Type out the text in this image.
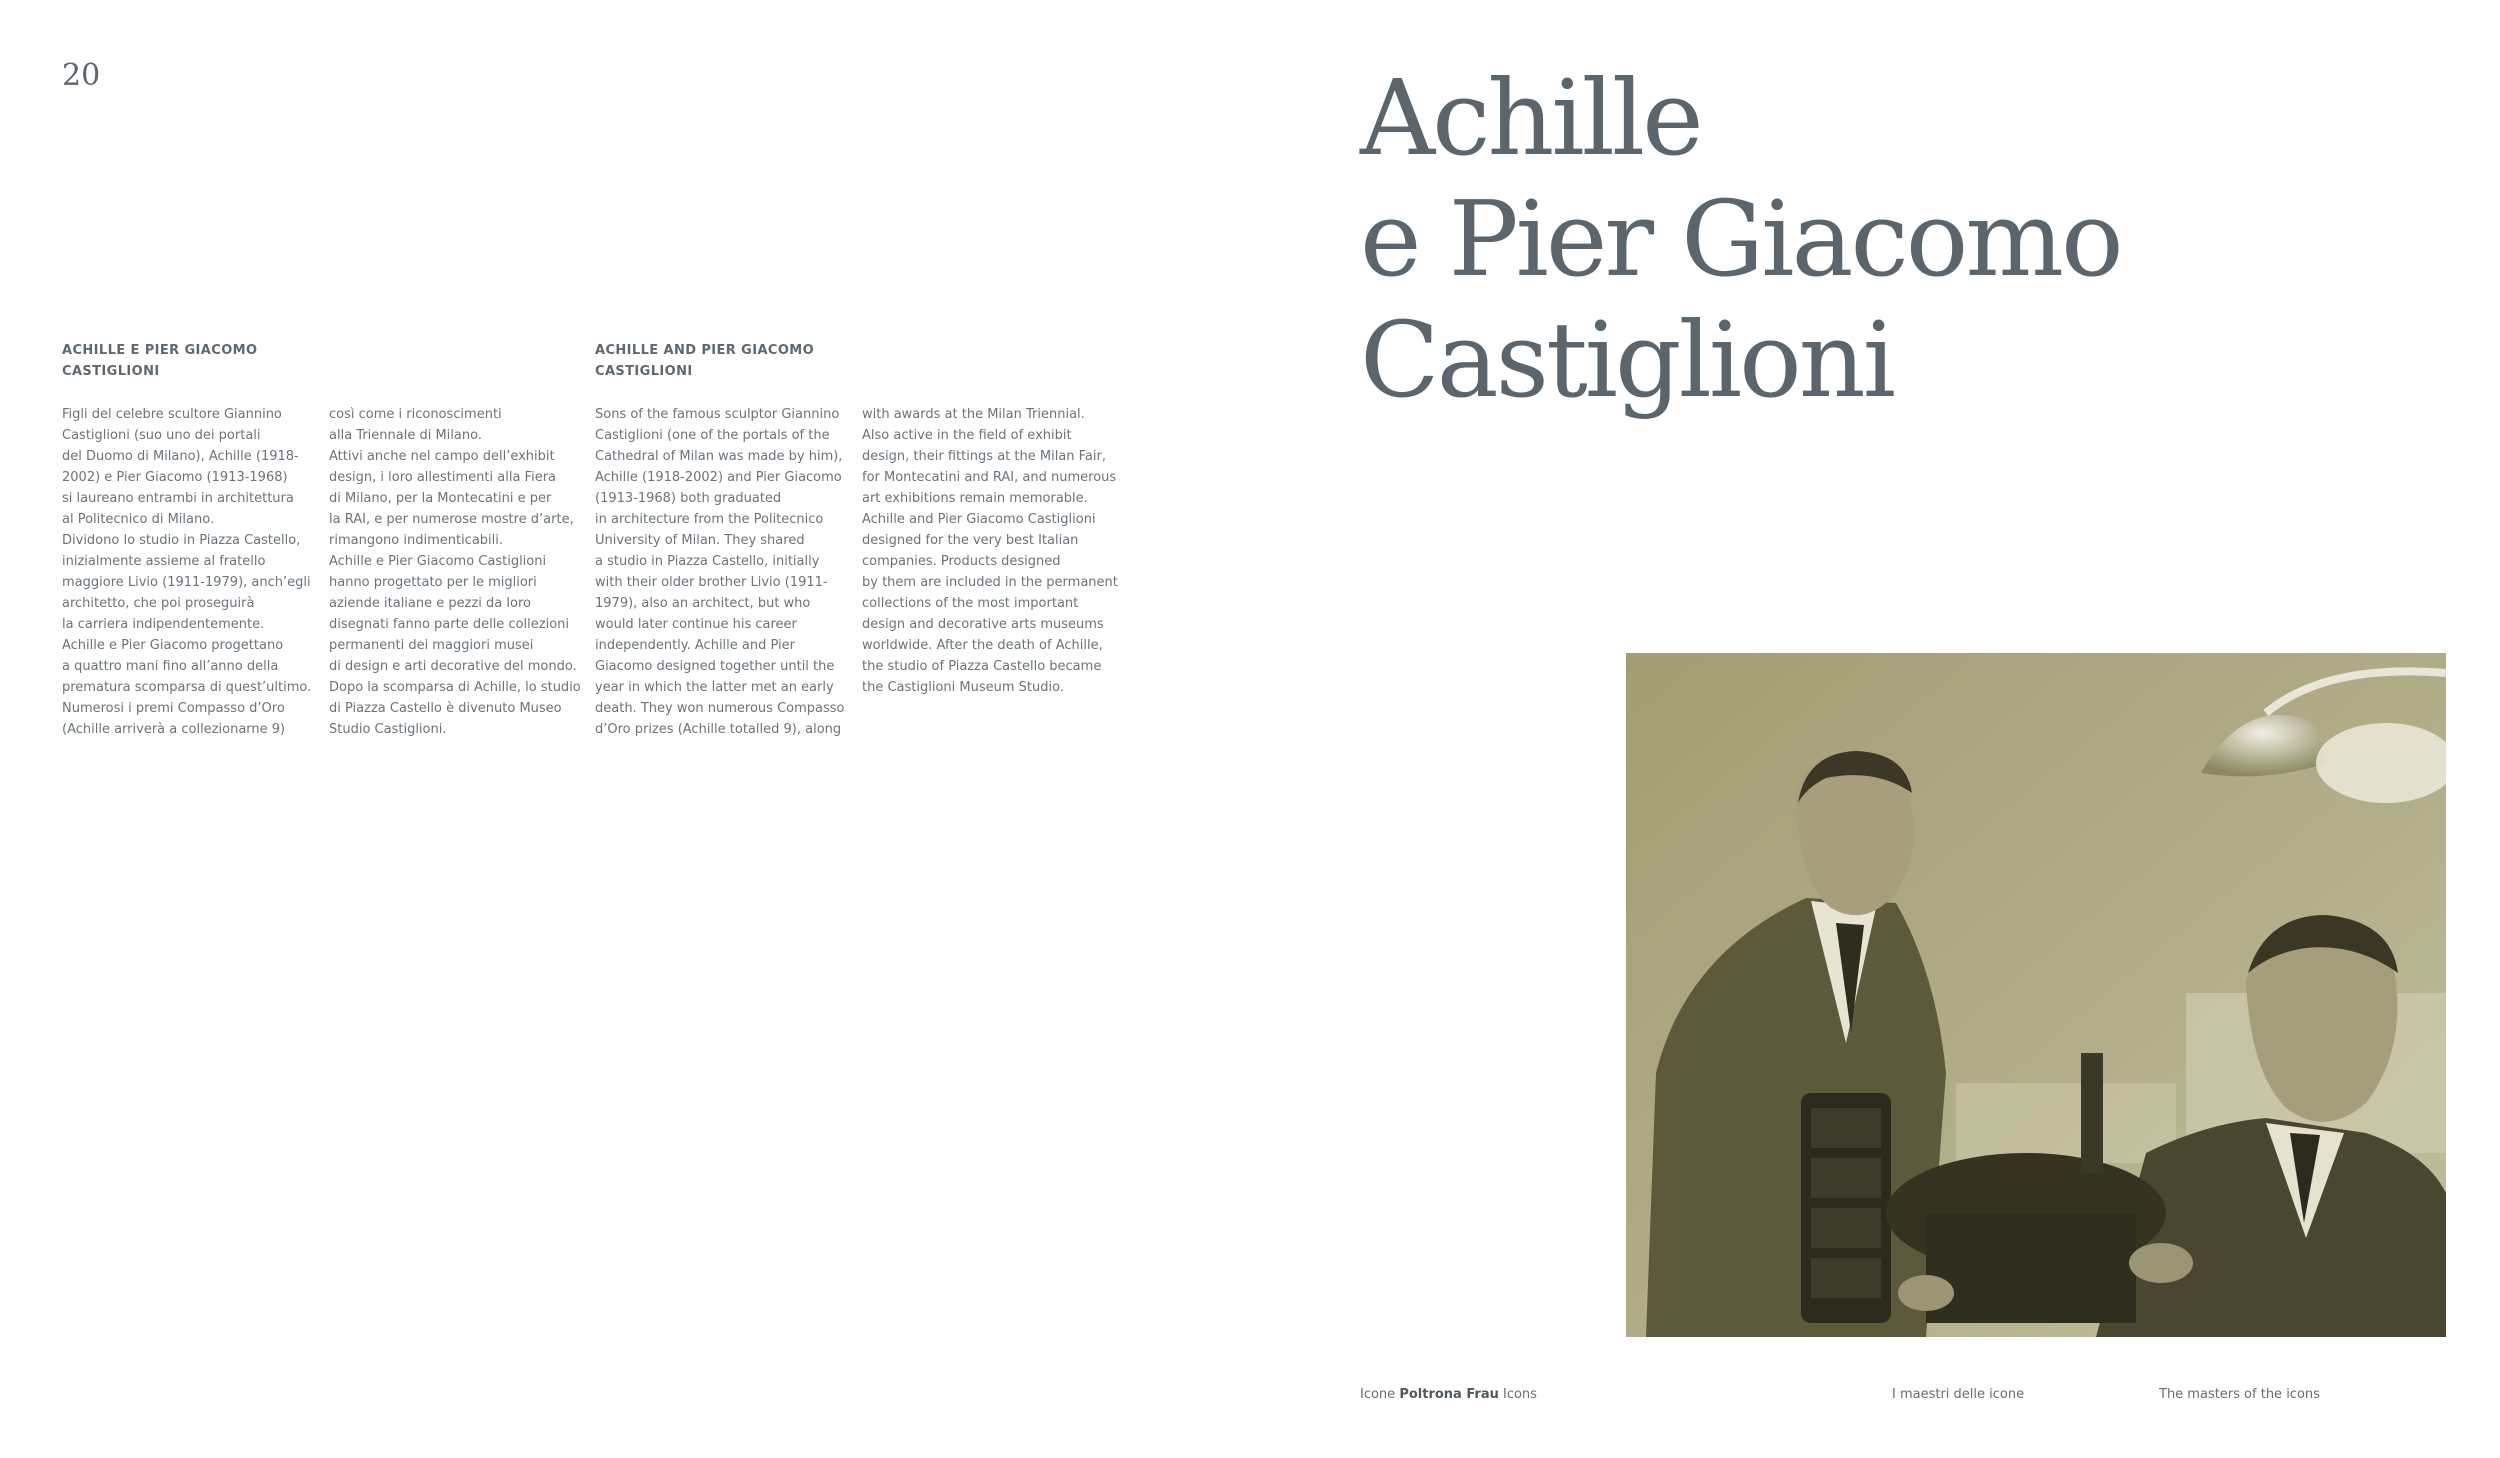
20
ACHILLE E PIER GIACOMO
CASTIGLIONI
ACHILLE AND PIER GIACOMO
CASTIGLIONI

Figli del celebre scultore Giannino

Castiglioni (suo uno dei portali

del Duomo di Milano), Achille (1918-

2002) e Pier Giacomo (1913-1968)

si laureano entrambi in architettura

al Politecnico di Milano.

Dividono lo studio in Piazza Castello,

inizialmente assieme al fratello

maggiore Livio (1911-1979), anch’egli

architetto, che poi proseguirà

la carriera indipendentemente.

Achille e Pier Giacomo progettano

a quattro mani fino all’anno della

prematura scomparsa di quest’ultimo.

Numerosi i premi Compasso d’Oro

(Achille arriverà a collezionarne 9)

così come i riconoscimenti

alla Triennale di Milano.

Attivi anche nel campo dell’exhibit

design, i loro allestimenti alla Fiera

di Milano, per la Montecatini e per

la RAI, e per numerose mostre d’arte,

rimangono indimenticabili.

Achille e Pier Giacomo Castiglioni

hanno progettato per le migliori

aziende italiane e pezzi da loro

disegnati fanno parte delle collezioni

permanenti dei maggiori musei

di design e arti decorative del mondo.

Dopo la scomparsa di Achille, lo studio

di Piazza Castello è divenuto Museo

Studio Castiglioni.

Sons of the famous sculptor Giannino

Castiglioni (one of the portals of the

Cathedral of Milan was made by him),

Achille (1918-2002) and Pier Giacomo

(1913-1968) both graduated

in architecture from the Politecnico

University of Milan. They shared

a studio in Piazza Castello, initially

with their older brother Livio (1911-

1979), also an architect, but who

would later continue his career

independently. Achille and Pier

Giacomo designed together until the

year in which the latter met an early

death. They won numerous Compasso

d’Oro prizes (Achille totalled 9), along

with awards at the Milan Triennial.

Also active in the field of exhibit

design, their fittings at the Milan Fair,

for Montecatini and RAI, and numerous

art exhibitions remain memorable.

Achille and Pier Giacomo Castiglioni

designed for the very best Italian

companies. Products designed

by them are included in the permanent

collections of the most important

design and decorative arts museums

worldwide. After the death of Achille,

the studio of Piazza Castello became

the Castiglioni Museum Studio.

Achille
e Pier Giacomo
Castiglioni
Icone Poltrona Frau Icons	I maestri delle icone	The masters of the icons
